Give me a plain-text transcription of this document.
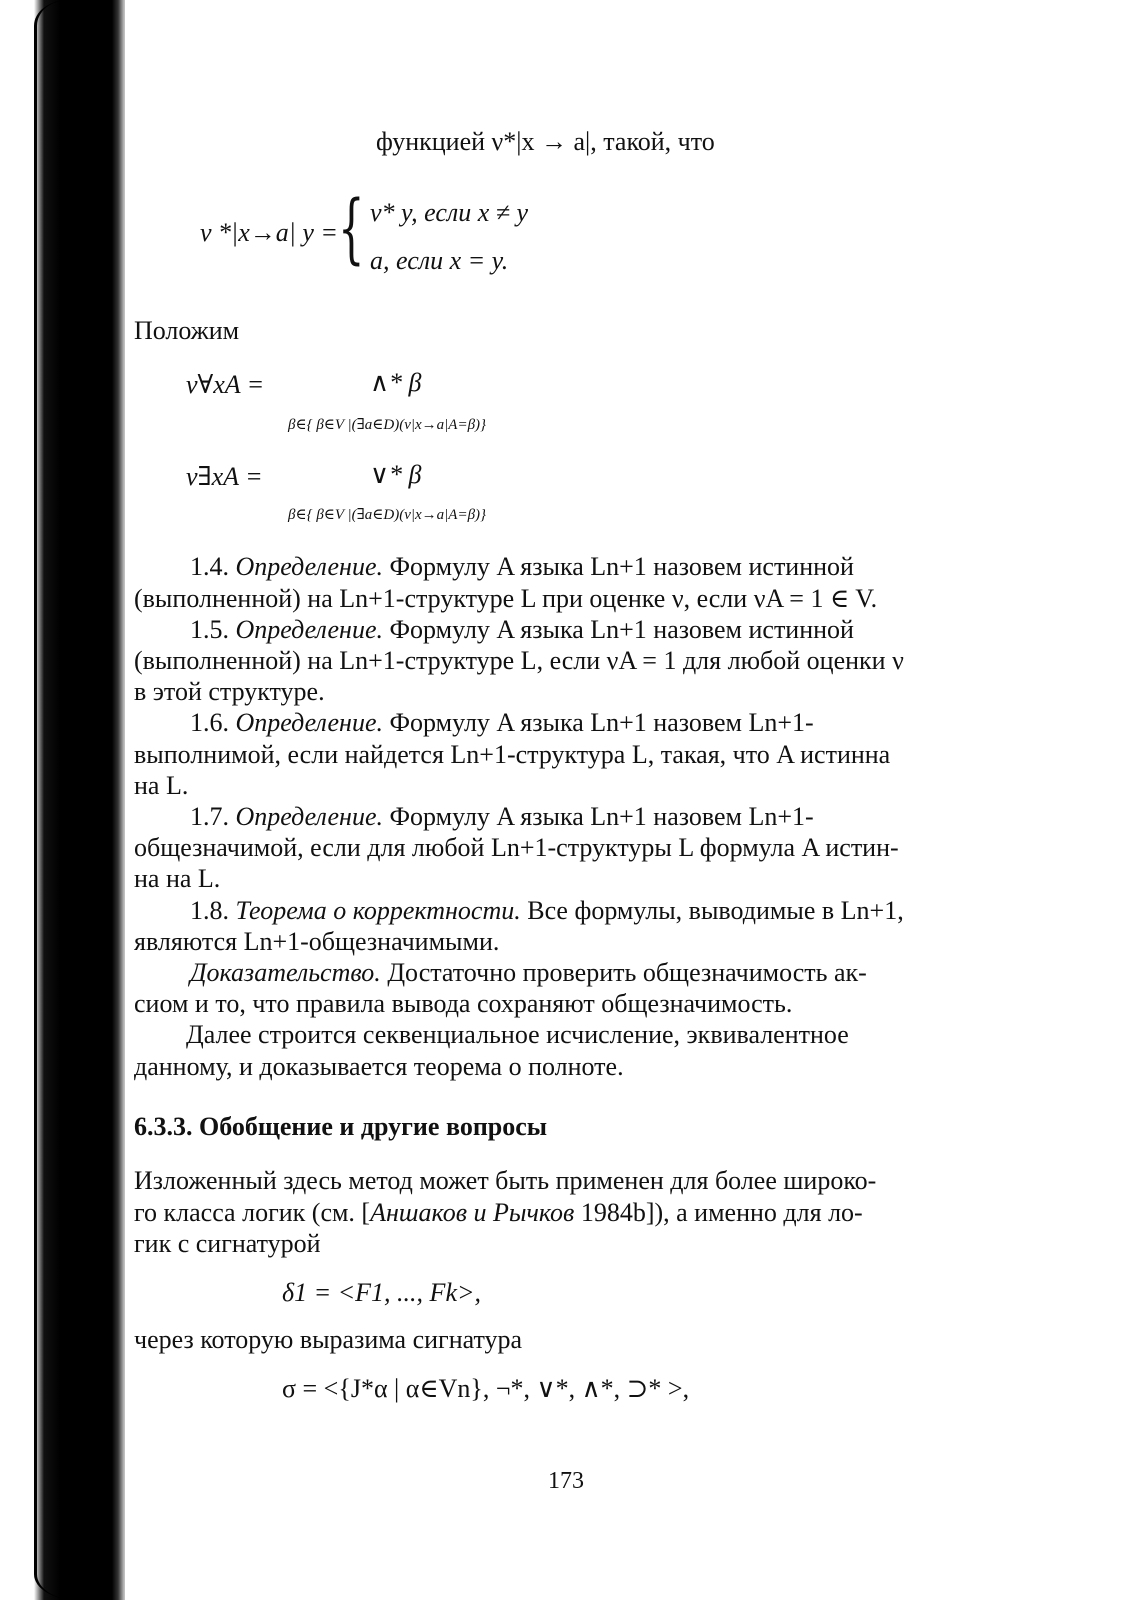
функцией ν*|x → a|, такой, что
ν *|x→a| y = { ν* y, если x ≠ y
a, если x = y.
Положим
ν∀xA =	∧* β
β∈{ β∈V |(∃a∈D)(ν|x→a|A=β)}
ν∃xA =	∨* β
β∈{ β∈V |(∃a∈D)(ν|x→a|A=β)}
1.4. Определение. Формулу A языка Ln+1 назовем истинной
(выполненной) на Ln+1-структуре L при оценке ν, если νA = 1 ∈ V.
1.5. Определение. Формулу A языка Ln+1 назовем истинной
(выполненной) на Ln+1-структуре L, если νA = 1 для любой оценки ν
в этой структуре.
1.6. Определение. Формулу A языка Ln+1 назовем Ln+1-
выполнимой, если найдется Ln+1-структура L, такая, что A истинна
на L.
1.7. Определение. Формулу A языка Ln+1 назовем Ln+1-
общезначимой, если для любой Ln+1-структуры L формула A истин-
на на L.
1.8. Теорема о корректности. Все формулы, выводимые в Ln+1,
являются Ln+1-общезначимыми.
Доказательство. Достаточно проверить общезначимость ак-
сиом и то, что правила вывода сохраняют общезначимость.
Далее строится секвенциальное исчисление, эквивалентное
данному, и доказывается теорема о полноте.
6.3.3. Обобщение и другие вопросы
Изложенный здесь метод может быть применен для более широко-
го класса логик (см. [Аншаков и Рычков 1984b]), а именно для ло-
гик с сигнатурой
δ1 = <F1, ..., Fk>,
через которую выразима сигнатура
σ = <{J*α | α∈Vn}, ¬*, ∨*, ∧*, ⊃* >,
173
